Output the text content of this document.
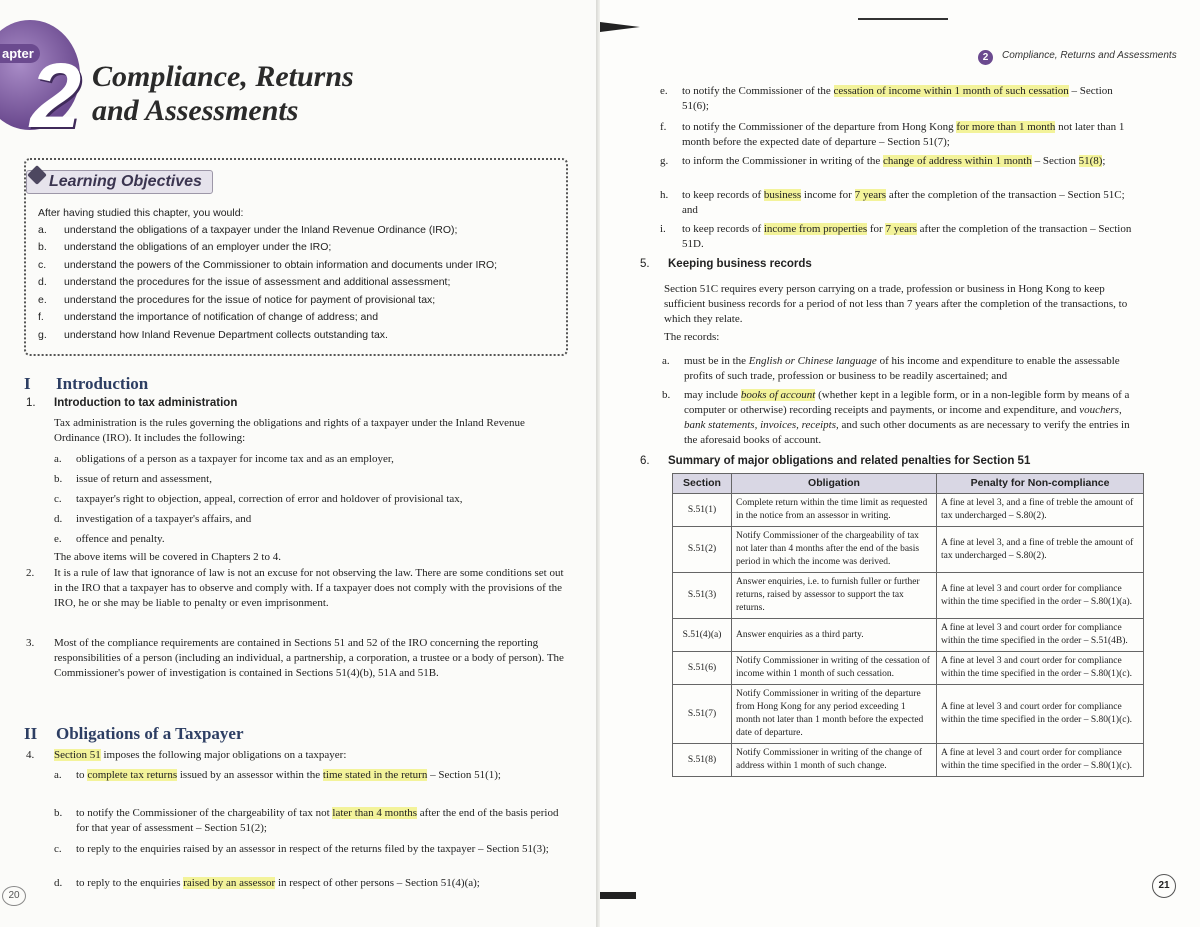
apter
2 Compliance, Returns
and Assessments
Learning Objectives
After having studied this chapter, you would:
a.	understand the obligations of a taxpayer under the Inland Revenue Ordinance (IRO);
b.	understand the obligations of an employer under the IRO;
c.	understand the powers of the Commissioner to obtain information and documents under IRO;
d.	understand the procedures for the issue of assessment and additional assessment;
e.	understand the procedures for the issue of notice for payment of provisional tax;
f.	understand the importance of notification of change of address; and
g.	understand how Inland Revenue Department collects outstanding tax.
I Introduction
1. Introduction to tax administration
Tax administration is the rules governing the obligations and rights of a taxpayer under the Inland Revenue Ordinance (IRO). It includes the following:
a. obligations of a person as a taxpayer for income tax and as an employer,
b. issue of return and assessment,
c. taxpayer's right to objection, appeal, correction of error and holdover of provisional tax,
d. investigation of a taxpayer's affairs, and
e. offence and penalty.
The above items will be covered in Chapters 2 to 4.
2. It is a rule of law that ignorance of law is not an excuse for not observing the law. There are some conditions set out in the IRO that a taxpayer has to observe and comply with. If a taxpayer does not comply with the provisions of the IRO, he or she may be liable to penalty or even imprisonment.
3. Most of the compliance requirements are contained in Sections 51 and 52 of the IRO concerning the reporting responsibilities of a person (including an individual, a partnership, a corporation, a trustee or a body of person). The Commissioner's power of investigation is contained in Sections 51(4)(b), 51A and 51B.
II Obligations of a Taxpayer
4. Section 51 imposes the following major obligations on a taxpayer:
a. to complete tax returns issued by an assessor within the time stated in the return – Section 51(1);
b. to notify the Commissioner of the chargeability of tax not later than 4 months after the end of the basis period for that year of assessment – Section 51(2);
c. to reply to the enquiries raised by an assessor in respect of the returns filed by the taxpayer – Section 51(3);
d. to reply to the enquiries raised by an assessor in respect of other persons – Section 51(4)(a);
20
2	Compliance, Returns and Assessments
e. to notify the Commissioner of the cessation of income within 1 month of such cessation – Section 51(6);
f. to notify the Commissioner of the departure from Hong Kong for more than 1 month not later than 1 month before the expected date of departure – Section 51(7);
g. to inform the Commissioner in writing of the change of address within 1 month – Section 51(8);
h. to keep records of business income for 7 years after the completion of the transaction – Section 51C; and
i. to keep records of income from properties for 7 years after the completion of the transaction – Section 51D.
5. Keeping business records
Section 51C requires every person carrying on a trade, profession or business in Hong Kong to keep sufficient business records for a period of not less than 7 years after the completion of the transactions, to which they relate.
The records:
a. must be in the English or Chinese language of his income and expenditure to enable the assessable profits of such trade, profession or business to be readily ascertained; and
b. may include books of account (whether kept in a legible form, or in a non-legible form by means of a computer or otherwise) recording receipts and payments, or income and expenditure, and vouchers, bank statements, invoices, receipts, and such other documents as are necessary to verify the entries in the aforesaid books of account.
6. Summary of major obligations and related penalties for Section 51
Section	Obligation	Penalty for Non-compliance
S.51(1)	Complete return within the time limit as requested in the notice from an assessor in writing.	A fine at level 3, and a fine of treble the amount of tax undercharged – S.80(2).
S.51(2)	Notify Commissioner of the chargeability of tax not later than 4 months after the end of the basis period in which the income was derived.	A fine at level 3, and a fine of treble the amount of tax undercharged – S.80(2).
S.51(3)	Answer enquiries, i.e. to furnish fuller or further returns, raised by assessor to support the tax returns.	A fine at level 3 and court order for compliance within the time specified in the order – S.80(1)(a).
S.51(4)(a)	Answer enquiries as a third party.	A fine at level 3 and court order for compliance within the time specified in the order – S.51(4B).
S.51(6)	Notify Commissioner in writing of the cessation of income within 1 month of such cessation.	A fine at level 3 and court order for compliance within the time specified in the order – S.80(1)(c).
S.51(7)	Notify Commissioner in writing of the departure from Hong Kong for any period exceeding 1 month not later than 1 month before the expected date of departure.	A fine at level 3 and court order for compliance within the time specified in the order – S.80(1)(c).
S.51(8)	Notify Commissioner in writing of the change of address within 1 month of such change.	A fine at level 3 and court order for compliance within the time specified in the order – S.80(1)(c).
21
